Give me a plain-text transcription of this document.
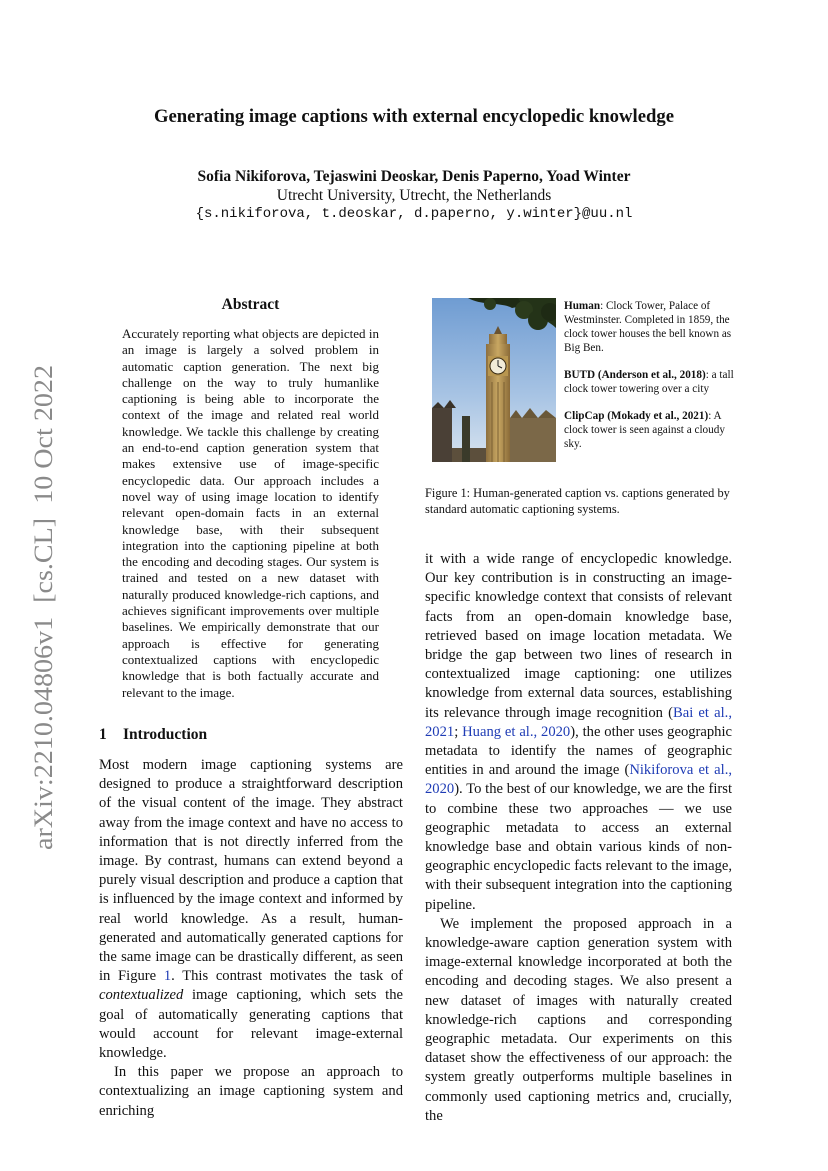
arXiv:2210.04806v1  [cs.CL]  10 Oct 2022
Generating image captions with external encyclopedic knowledge
Sofia Nikiforova, Tejaswini Deoskar, Denis Paperno, Yoad Winter
Utrecht University, Utrecht, the Netherlands
{s.nikiforova, t.deoskar, d.paperno, y.winter}@uu.nl
Abstract
Accurately reporting what objects are depicted in an image is largely a solved problem in automatic caption generation. The next big challenge on the way to truly humanlike captioning is being able to incorporate the context of the image and related real world knowledge. We tackle this challenge by creating an end-to-end caption generation system that makes extensive use of image-specific encyclopedic data. Our approach includes a novel way of using image location to identify relevant open-domain facts in an external knowledge base, with their subsequent integration into the captioning pipeline at both the encoding and decoding stages. Our system is trained and tested on a new dataset with naturally produced knowledge-rich captions, and achieves significant improvements over multiple baselines. We empirically demonstrate that our approach is effective for generating contextualized captions with encyclopedic knowledge that is both factually accurate and relevant to the image.
1 Introduction

Most modern image captioning systems are designed to produce a straightforward description of the visual content of the image. They abstract away from the image context and have no access to information that is not directly inferred from the image. By contrast, humans can extend beyond a purely visual description and produce a caption that is influenced by the image context and informed by real world knowledge. As a result, human-generated and automatically generated captions for the same image can be drastically different, as seen in Figure 1. This contrast motivates the task of contextualized image captioning, which sets the goal of automatically generating captions that would account for relevant image-external knowledge.

In this paper we propose an approach to contextualizing an image captioning system and enriching

Human: Clock Tower, Palace of Westminster. Completed in 1859, the clock tower houses the bell known as Big Ben.
BUTD (Anderson et al., 2018): a tall clock tower towering over a city
ClipCap (Mokady et al., 2021): A clock tower is seen against a cloudy sky.
Figure 1: Human-generated caption vs. captions generated by standard automatic captioning systems.

it with a wide range of encyclopedic knowledge. Our key contribution is in constructing an image-specific knowledge context that consists of relevant facts from an open-domain knowledge base, retrieved based on image location metadata. We bridge the gap between two lines of research in contextualized image captioning: one utilizes knowledge from external data sources, establishing its relevance through image recognition (Bai et al., 2021; Huang et al., 2020), the other uses geographic metadata to identify the names of geographic entities in and around the image (Nikiforova et al., 2020). To the best of our knowledge, we are the first to combine these two approaches — we use geographic metadata to access an external knowledge base and obtain various kinds of non-geographic encyclopedic facts relevant to the image, with their subsequent integration into the captioning pipeline.

We implement the proposed approach in a knowledge-aware caption generation system with image-external knowledge incorporated at both the encoding and decoding stages. We also present a new dataset of images with naturally created knowledge-rich captions and corresponding geographic metadata. Our experiments on this dataset show the effectiveness of our approach: the system greatly outperforms multiple baselines in commonly used captioning metrics and, crucially, the
